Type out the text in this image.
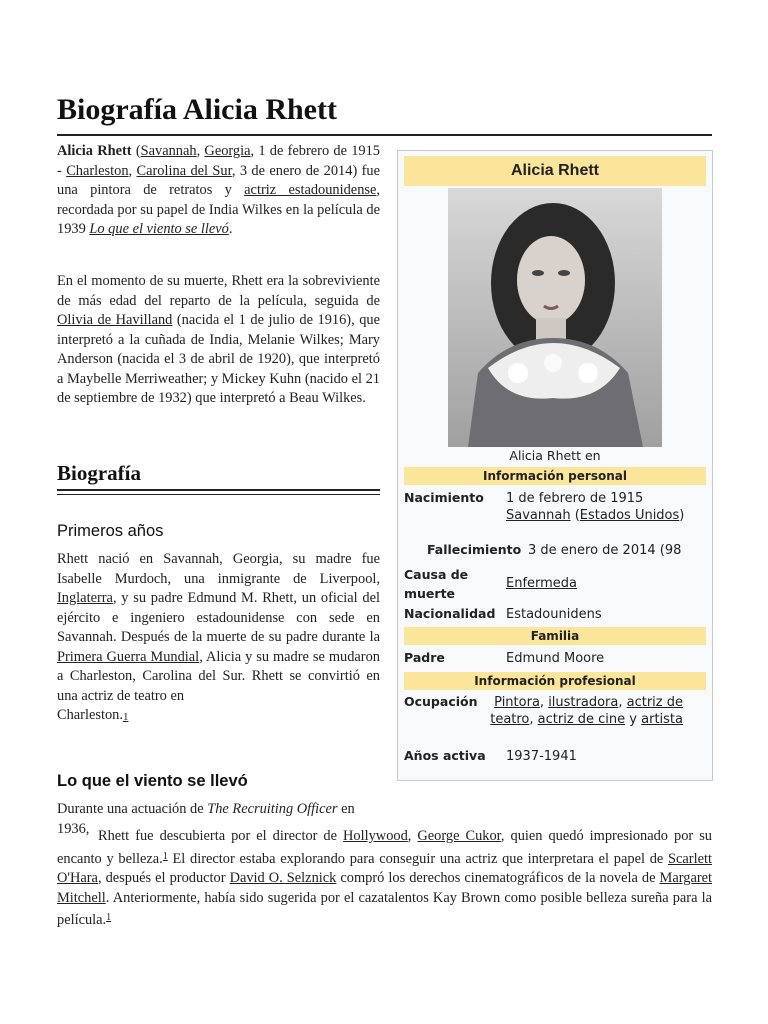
Biografía Alicia Rhett

Alicia Rhett (Savannah, Georgia, 1 de febrero de 1915 - Charleston, Carolina del Sur, 3 de enero de 2014) fue una pintora de retratos y actriz estadounidense, recordada por su papel de India Wilkes en la película de 1939 Lo que el viento se llevó.

En el momento de su muerte, Rhett era la sobreviviente de más edad del reparto de la película, seguida de Olivia de Havilland (nacida el 1 de julio de 1916), que interpretó a la cuñada de India, Melanie Wilkes; Mary Anderson (nacida el 3 de abril de 1920), que interpretó a Maybelle Merriweather; y Mickey Kuhn (nacido el 21 de septiembre de 1932) que interpretó a Beau Wilkes.

Biografía
Primeros años

Rhett nació en Savannah, Georgia, su madre fue Isabelle Murdoch, una inmigrante de Liverpool, Inglaterra, y su padre Edmund M. Rhett, un oficial del ejército e ingeniero estadounidense con sede en Savannah. Después de la muerte de su padre durante la Primera Guerra Mundial, Alicia y su madre se mudaron a Charleston, Carolina del Sur. Rhett se convirtió en una actriz de teatro en
Charleston.1

Lo que el viento se llevó

Durante una actuación de The Recruiting Officer en 1936, Rhett fue descubierta por el director de Hollywood, George Cukor, quien quedó impresionado por su encanto y belleza.$^1$ El director estaba explorando para conseguir una actriz que interpretara el papel de Scarlett O'Hara, después el productor David O. Selznick compró los derechos cinematográficos de la novela de Margaret Mitchell. Anteriormente, había sido sugerida por el cazatalentos Kay Brown como posible belleza sureña para la película.$^1$

Alicia Rhett
Alicia Rhett en
Información personal
Nacimiento 1 de febrero de 1915
Savannah (Estados Unidos)
Fallecimiento 3 de enero de 2014 (98
Causa de muerte
Enfermeda
Nacionalidad Estadounidens
Familia
Padre	Edmund Moore
Información profesional
Ocupación	Pintora, ilustradora, actriz de teatro, actriz de cine y artista
Años activa 1937-1941
